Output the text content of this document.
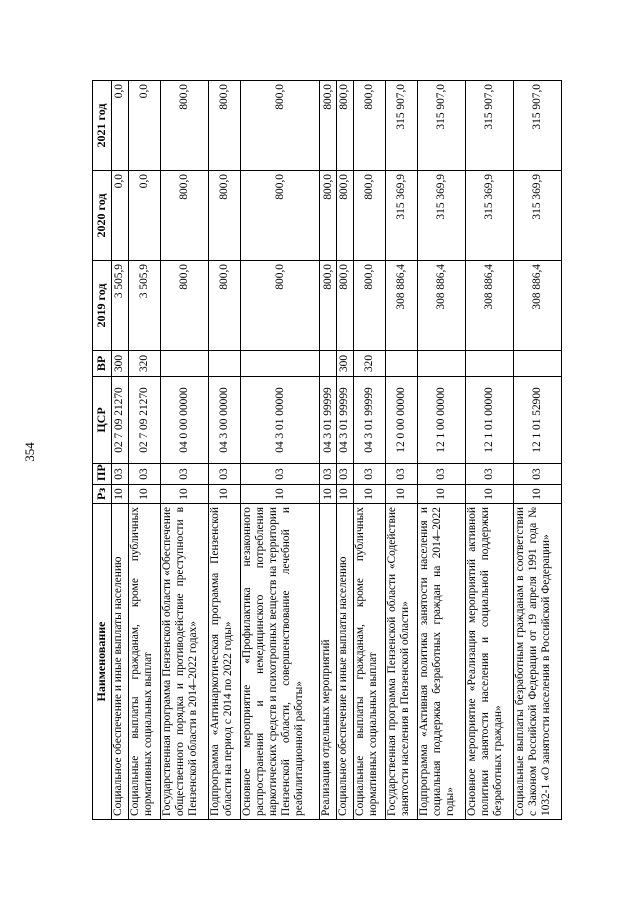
354
Наименование	Рз	ПР	ЦСР	ВР	2019 год	2020 год	2021 год
Социальное обеспечение и иные выплаты населению	10	03	02 7 09 21270	300	3 505,9	0,0	0,0
Социальные выплаты гражданам, кроме публичных нормативных социальных выплат	10	03	02 7 09 21270	320	3 505,9	0,0	0,0
Государственная программа Пензенской области «Обеспечение общественного порядка и противодействие преступности в Пензенской области в 2014–2022 годах»	10	03	04 0 00 00000		800,0	800,0	800,0
Подпрограмма «Антинаркотическая программа Пензенской области на период с 2014 по 2022 годы»	10	03	04 3 00 00000		800,0	800,0	800,0
Основное мероприятие «Профилактика незаконного распространения и немедицинского потребления наркотических средств и психотропных веществ на территории Пензенской области, совершенствование лечебной и реабилитационной работы»	10	03	04 3 01 00000		800,0	800,0	800,0
Реализация отдельных мероприятий	10	03	04 3 01 99999		800,0	800,0	800,0
Социальное обеспечение и иные выплаты населению	10	03	04 3 01 99999	300	800,0	800,0	800,0
Социальные выплаты гражданам, кроме публичных нормативных социальных выплат	10	03	04 3 01 99999	320	800,0	800,0	800,0
Государственная программа Пензенской области «Содействие занятости населения в Пензенской области»	10	03	12 0 00 00000		308 886,4	315 369,9	315 907,0
Подпрограмма «Активная политика занятости населения и социальная поддержка безработных граждан на 2014–2022 годы»	10	03	12 1 00 00000		308 886,4	315 369,9	315 907,0
Основное мероприятие «Реализация мероприятий активной политики занятости населения и социальной поддержки безработных граждан»	10	03	12 1 01 00000		308 886,4	315 369,9	315 907,0
Социальные выплаты безработным гражданам в соответствии с Законом Российской Федерации от 19 апреля 1991 года № 1032-1 «О занятости населения в Российской Федерации»	10	03	12 1 01 52900		308 886,4	315 369,9	315 907,0
